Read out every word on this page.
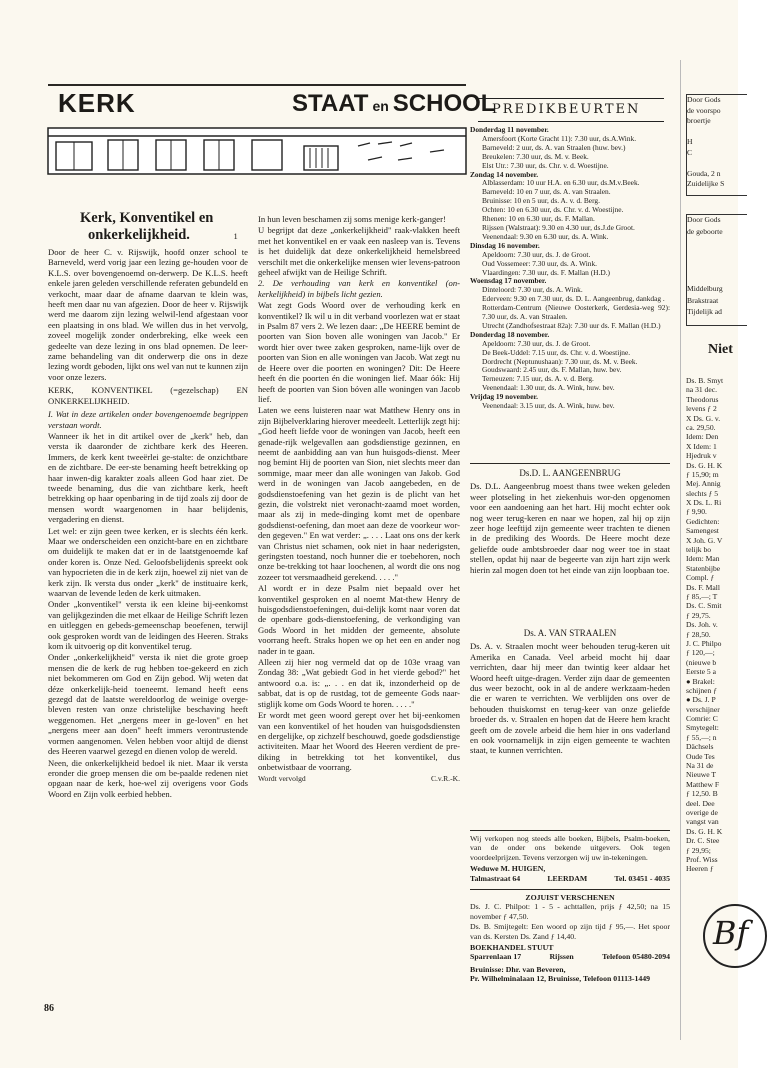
KERK	STAAT en SCHOOL
PREDIKBEURTEN
Donderdag 11 november.
Amersfoort (Korte Gracht 11): 7.30 uur, ds.A.Wink.
Barneveld: 2 uur, ds. A. van Straalen (huw. bev.)
Breukelen: 7.30 uur, ds. M. v. Beek.
Elst Utr.: 7.30 uur, ds. Chr. v. d. Woestijne.
Zondag 14 november.
Alblasserdam: 10 uur H.A. en 6.30 uur, ds.M.v.Beek.
Barneveld: 10 en 7 uur, ds. A. van Straalen.
Bruinisse: 10 en 5 uur, ds. A. v. d. Berg.
Ochten: 10 en 6.30 uur, ds. Chr. v. d. Woestijne.
Rhenen: 10 en 6.30 uur, ds. F. Mallan.
Rijssen (Walstraat): 9.30 en 4.30 uur, ds.J.de Groot.
Veenendaal: 9.30 en 6.30 uur, ds. A. Wink.
Dinsdag 16 november.
Apeldoorn: 7.30 uur, ds. J. de Groot.
Oud Vossemeer: 7.30 uur, ds. A. Wink.
Vlaardingen: 7.30 uur, ds. F. Mallan (H.D.)
Woensdag 17 november.
Dinteloord: 7.30 uur, ds. A. Wink.
Ederveen: 9.30 en 7.30 uur, ds. D. L. Aangeenbrug, dankdag .
Rotterdam-Centrum (Nieuwe Oosterkerk, Gerdesia-weg 92): 7.30 uur, ds. A. van Straalen.
Utrecht (Zandhofsestraat 82a): 7.30 uur ds. F. Mallan (H.D.)
Donderdag 18 november.
Apeldoorn: 7.30 uur, ds. J. de Groot.
De Beek-Uddel: 7.15 uur, ds. Chr. v. d. Woestijne.
Dordrecht (Neptunushaan): 7.30 uur, ds. M. v. Beek.
Goudswaard: 2.45 uur, ds. F. Mallan, huw. bev.
Terneuzen: 7.15 uur, ds. A. v. d. Berg.
Veenendaal: 1.30 uur, ds. A. Wink, huw. bev.
Vrijdag 19 november.
Veenendaal: 3.15 uur, ds. A. Wink, huw. bev.
Kerk, Konventikel en
onkerkelijkheid.	1

Door de heer C. v. Rijswijk, hoofd onzer school te Barneveld, werd vorig jaar een lezing ge-houden voor de K.L.S. over bovengenoemd on-derwerp. De K.L.S. heeft enkele jaren geleden verschillende referaten gebundeld en verkocht, maar daar de afname daarvan te klein was, heeft men daar nu van afgezien. Door de heer v. Rijswijk werd me daarom zijn lezing welwil-lend afgestaan voor een plaatsing in ons blad. We willen dus in het vervolg, zoveel mogelijk zonder onderbreking, elke week een gedeelte van deze lezing in ons blad opnemen. De leer-zame behandeling van dit onderwerp die ons in deze lezing wordt geboden, lijkt ons wel van nut te kunnen zijn voor onze lezers.

KERK, KONVENTIKEL (=gezelschap) EN ONKERKELIJKHEID.

I. Wat in deze artikelen onder bovengenoemde begrippen verstaan wordt.

Wanneer ik het in dit artikel over de „kerk" heb, dan versta ik daaronder de zichtbare kerk des Heeren. Immers, de kerk kent tweeërlei ge-stalte: de onzichtbare en de zichtbare. De eer-ste benaming heeft betrekking op haar inwen-dig karakter zoals alleen God haar ziet. De tweede benaming, dus die van zichtbare kerk, heeft betrekking op haar openbaring in de tijd zoals zij door de mensen wordt waargenomen in haar belijdenis, vergadering en dienst.

Let wel: er zijn geen twee kerken, er is slechts één kerk. Maar we onderscheiden een onzicht-bare en en zichtbare om duidelijk te maken dat er in de laatstgenoemde kaf onder koren is. Onze Ned. Geloofsbelijdenis spreekt ook van hypocrieten die in de kerk zijn, hoewel zij niet van de kerk zijn. Ik versta dus onder „kerk" de instituaire kerk, waarvan de levende leden de kerk uitmaken.

Onder „konventikel" versta ik een kleine bij-eenkomst van gelijkgezinden die met elkaar de Heilige Schrift lezen en uitleggen en gebeds-gemeenschap beoefenen, terwijl ook gesproken wordt van de leidingen des Heeren. Straks kom ik uitvoerig op dit konventikel terug.

Onder „onkerkelijkheid" versta ik niet die grote groep mensen die de kerk de rug hebben toe-gekeerd en zich niet bekommeren om God en Zijn gebod. Wij weten dat déze onkerkelijk-heid toeneemt. Iemand heeft eens gezegd dat de laatste wereldoorlog de weinige overge-bleven resten van onze christelijke beschaving heeft weggenomen. Het „nergens meer in ge-loven" en het „nergens meer aan doen" heeft immers verontrustende vormen aangenomen. Velen hebben voor altijd de dienst des Heeren vaarwel gezegd en dienen volop de wereld.

Neen, die onkerkelijkheid bedoel ik niet. Maar ik versta eronder die groep mensen die om be-paalde redenen niet opgaan naar de kerk, hoe-wel zij overigens voor Gods Woord en Zijn volk eerbied hebben.

86

In hun leven beschamen zij soms menige kerk-ganger!

U begrijpt dat deze „onkerkelijkheid" raak-vlakken heeft met het konventikel en er vaak een nasleep van is. Tevens is het duidelijk dat deze onkerkelijkheid hemelsbreed verschilt met die onkerkelijke mensen wier levens-patroon geheel afwijkt van de Heilige Schrift.

2. De verhouding van kerk en konventikel (on-kerkelijkheid) in bijbels licht gezien.

Wat zegt Gods Woord over de verhouding kerk en konventikel? Ik wil u in dit verband voorlezen wat er staat in Psalm 87 vers 2. We lezen daar: „De HEERE bemint de poorten van Sion boven alle woningen van Jacob." Er wordt hier over twee zaken gesproken, name-lijk over de poorten van Sion en alle woningen van Jacob. Wat zegt nu de Heere over die poorten en woningen? Dit: De Heere heeft én die poorten én die woningen lief. Maar óók: Hij heeft de poorten van Sion bóven alle woningen van Jacob lief.

Laten we eens luisteren naar wat Matthew Henry ons in zijn Bijbelverklaring hierover meedeelt. Letterlijk zegt hij: „God heeft liefde voor de woningen van Jacob, heeft een genade-rijk welgevallen aan godsdienstige gezinnen, en neemt de aanbidding aan van hun huisgods-dienst. Meer nog bemint Hij de poorten van Sion, niet slechts meer dan sommige, maar meer dan alle woningen van Jakob. God werd in de woningen van Jacob aangebeden, en de godsdienstoefening van het gezin is de plicht van het gezin, die volstrekt niet veronacht-zaamd moet worden, maar als zij in mede-dinging komt met de openbare godsdienst-oefening, dan moet aan deze de voorkeur wor-den gegeven." En wat verder: „. . . . Laat ons ons der kerk van Christus niet schamen, ook niet in haar nederigsten, geringsten toestand, noch hunner die er toebehoren, noch onze be-trekking tot haar loochenen, al wordt die ons nog zozeer tot versmaadheid gerekend. . . . ."

Al wordt er in deze Psalm niet bepaald over het konventikel gesproken en al noemt Mat-thew Henry de huisgodsdienstoefeningen, dui-delijk komt naar voren dat de openbare gods-dienstoefening, de verkondiging van Gods Woord in het midden der gemeente, absolute voorrang heeft. Straks hopen we op het een en ander nog nader in te gaan.

Alleen zij hier nog vermeld dat op de 103e vraag van Zondag 38: „Wat gebiedt God in het vierde gebod?" het antwoord o.a. is: „. . . en dat ik, inzonderheid op de sabbat, dat is op de rustdag, tot de gemeente Gods naar-stiglijk kome om Gods Woord te horen. . . . ."

Er wordt met geen woord gerept over het bij-eenkomen van een konventikel of het houden van huisgodsdiensten en dergelijke, op zichzelf beschouwd, goede godsdienstige activiteiten. Maar het Woord des Heeren verdient de pre-diking in betrekking tot het konventikel, dus onbetwistbaar de voorrang.

Wordt vervolgd	C.v.R.-K.
Ds.D. L. AANGEENBRUG

Ds. D.L. Aangeenbrug moest thans twee weken geleden weer plotseling in het ziekenhuis wor-den opgenomen voor een aandoening aan het hart. Hij mocht echter ook nog weer terug-keren en naar we hopen, zal hij op zijn zeer hoge leeftijd zijn gemeente weer trachten te dienen in de prediking des Woords. De Heere mocht deze geliefde oude ambtsbroeder daar nog weer toe in staat stellen, opdat hij naar de begeerte van zijn hart zijn werk hierin zal mogen doen tot het einde van zijn loopbaan toe.

Ds. A. VAN STRAALEN

Ds. A. v. Straalen mocht weer behouden terug-keren uit Amerika en Canada. Veel arbeid mocht hij daar verrichten, daar hij meer dan twintig keer aldaar het Woord heeft uitge-dragen. Verder zijn daar de gemeenten dus weer bezocht, ook in al de andere werkzaam-heden die er waren te verrichten. We verblijden ons over de behouden thuiskomst en terug-keer van onze geliefde broeder ds. v. Straalen en hopen dat de Heere hem kracht geeft om de zovele arbeid die hem hier in ons vaderland en ook voornamelijk in zijn eigen gemeente te wachten staat, te kunnen verrichten.

Wij verkopen nog steeds alle boeken, Bijbels, Psalm-boeken, van de onder ons bekende uitgevers. Ook tegen voordeelprijzen. Tevens verzorgen wij uw in-tekeningen.

Weduwe M. HUIGEN,
Talmastraat 64	LEERDAM	Tel. 03451 - 4035
ZOJUIST VERSCHENEN

Ds. J. C. Philpot: 1 - 5 - achttallen, prijs ƒ 42,50; na 15 november ƒ 47,50.

Ds. B. Smijtegelt: Een woord op zijn tijd ƒ 95,—. Het spoor van ds. Kersten Ds. Zand ƒ 14,40.

BOEKHANDEL STUUT
Sparrenlaan 17	Rijssen	Telefoon 05480-2094
Bruinisse: Dhr. van Beveren,
Pr. Wilhelminalaan 12, Bruinisse, Telefoon 01113-1449
Door Gods
de voorspo
broertje
H
C
Gouda, 2 n
Zuidelijke S
Door Gods
de geboorte
Middelburg
Brakstraat
Tijdelijk ad
Niet
Ds. B. Smyt
na 31 dec.
Theodorus
levens ƒ 2
X Ds. G. v.
ca. 29,50.
Idem: Den
X Idem: 1
Hjedruk v
Ds. G. H. K
ƒ 15,90; m
Mej. Annig
slechts ƒ 5
X Ds. L. Ri
ƒ 9,90.
Gedichten:
Samengest
X Joh. G. V
telijk bo
Idem: Man
Statenbijbe
Compl. ƒ
Ds. F. Mall
ƒ 85,—; T
Ds. C. Smit
ƒ 29,75.
Ds. Joh. v.
ƒ 28,50.
J. C. Philpo
ƒ 120,—;
(nieuwe b
Eerste 5 a
● Brakel:
schijnen ƒ
● Ds. J. P
verschijner
Comrie: C
Smytegelt:
ƒ 55,—; n
Dächsels
Oude Tes
Na 31 de
Nieuwe T
Matthew F
ƒ 12,50. B
deel. Dee
overige de
vangst van
Ds. G. H. K
Dr. C. Stee
ƒ 29,95;
Prof. Wiss
Heeren ƒ
Bf
